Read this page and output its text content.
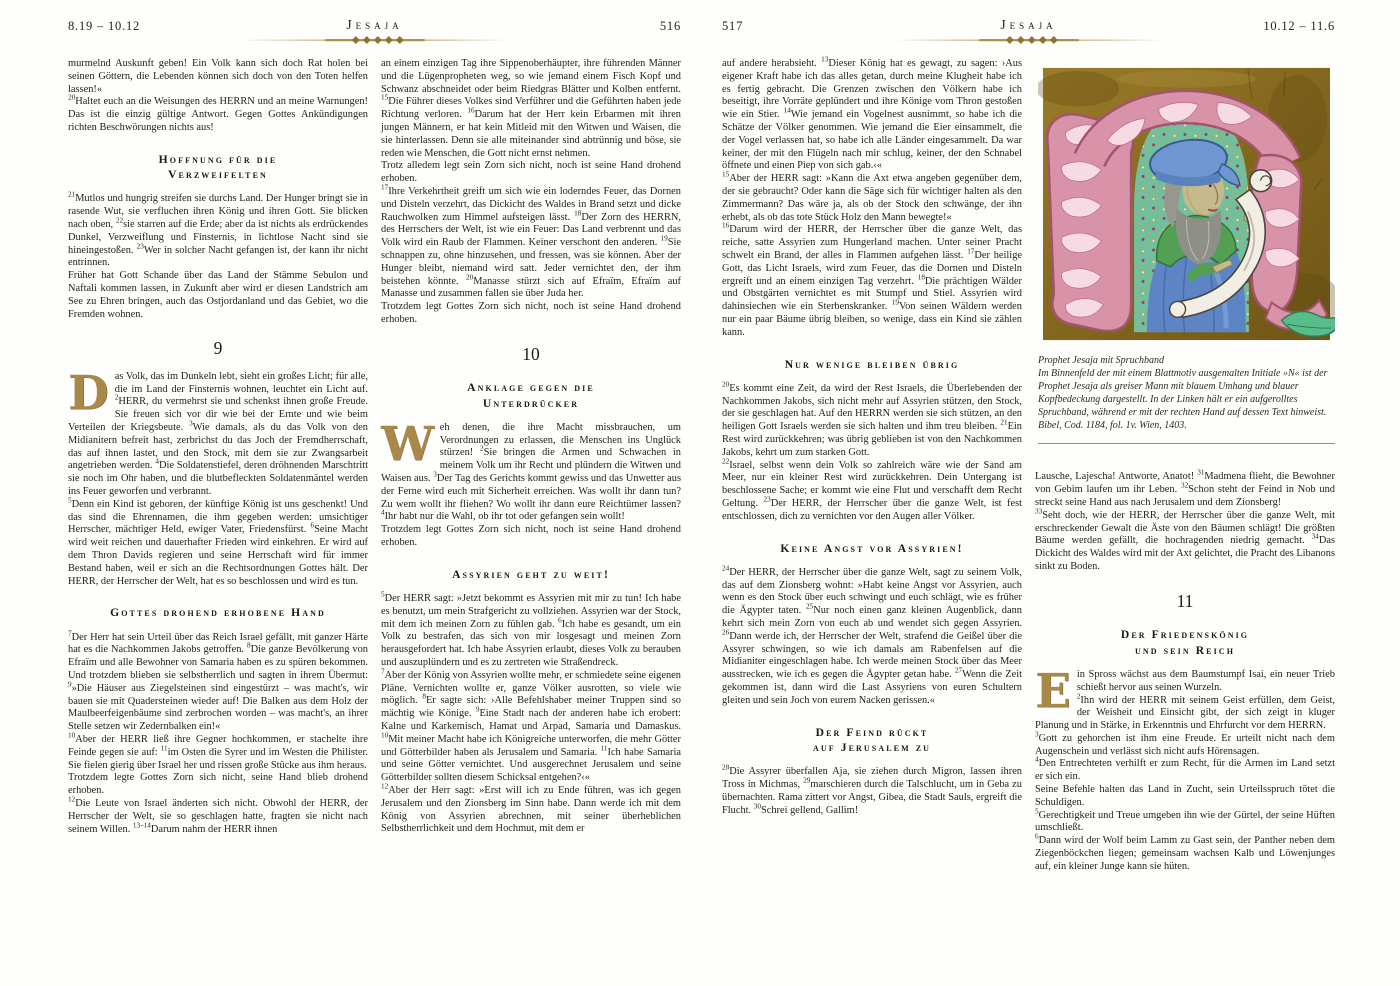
8.19 – 10.12	Jesaja	516

murmelnd Auskunft geben! Ein Volk kann sich doch Rat holen bei seinen Göttern, die Lebenden können sich doch von den Toten helfen lassen!«

$^{20}$Haltet euch an die Weisungen des HERRN und an meine Warnungen! Das ist die einzig gültige Antwort. Gegen Gottes Ankündigungen richten Beschwörungen nichts aus!

Hoffnung für die
Verzweifelten

$^{21}$Mutlos und hungrig streifen sie durchs Land. Der Hunger bringt sie in rasende Wut, sie verfluchen ihren König und ihren Gott. Sie blicken nach oben, $^{22}$sie starren auf die Erde; aber da ist nichts als erdrückendes Dunkel, Verzweiflung und Finsternis, in lichtlose Nacht sind sie hineingestoßen. $^{23}$Wer in solcher Nacht gefangen ist, der kann ihr nicht entrinnen.

Früher hat Gott Schande über das Land der Stämme Sebulon und Naftali kommen lassen, in Zukunft aber wird er diesen Landstrich am See zu Ehren bringen, auch das Ostjordanland und das Gebiet, wo die Fremden wohnen.

9
D as Volk, das im Dunkeln lebt, sieht ein großes Licht; für alle, die im Land der Finsternis wohnen, leuchtet ein Licht auf. $^2$HERR, du vermehrst sie und schenkst ihnen große Freude. Sie freuen sich vor dir wie bei der Ernte und wie beim Verteilen der Kriegsbeute. $^3$Wie damals, als du das Volk von den Midianitern befreit hast, zerbrichst du das Joch der Fremdherrschaft, das auf ihnen lastet, und den Stock, mit dem sie zur Zwangsarbeit angetrieben werden. $^4$Die Soldatenstiefel, deren dröhnenden Marschtritt sie noch im Ohr haben, und die blutbefleckten Soldatenmäntel werden ins Feuer geworfen und verbrannt.

$^5$Denn ein Kind ist geboren, der künftige König ist uns geschenkt! Und das sind die Ehrennamen, die ihm gegeben werden: umsichtiger Herrscher, mächtiger Held, ewiger Vater, Friedensfürst. $^6$Seine Macht wird weit reichen und dauerhafter Frieden wird einkehren. Er wird auf dem Thron Davids regieren und seine Herrschaft wird für immer Bestand haben, weil er sich an die Rechtsordnungen Gottes hält. Der HERR, der Herrscher der Welt, hat es so beschlossen und wird es tun.

Gottes drohend erhobene Hand

$^7$Der Herr hat sein Urteil über das Reich Israel gefällt, mit ganzer Härte hat es die Nachkommen Jakobs getroffen. $^8$Die ganze Bevölkerung von Efraïm und alle Bewohner von Samaria haben es zu spüren bekommen. Und trotzdem blieben sie selbstherrlich und sagten in ihrem Übermut: $^9$»Die Häuser aus Ziegelsteinen sind eingestürzt – was macht's, wir bauen sie mit Quadersteinen wieder auf! Die Balken aus dem Holz der Maulbeerfeigenbäume sind zerbrochen worden – was macht's, an ihrer Stelle setzen wir Zedernbalken ein!«

$^{10}$Aber der HERR ließ ihre Gegner hochkommen, er stachelte ihre Feinde gegen sie auf: $^{11}$im Osten die Syrer und im Westen die Philister. Sie fielen gierig über Israel her und rissen große Stücke aus ihm heraus.

Trotzdem legte Gottes Zorn sich nicht, seine Hand blieb drohend erhoben.

$^{12}$Die Leute von Israel änderten sich nicht. Obwohl der HERR, der Herrscher der Welt, sie so geschlagen hatte, fragten sie nicht nach seinem Willen. $^{13-14}$Darum nahm der HERR ihnen

an einem einzigen Tag ihre Sippenoberhäupter, ihre führenden Männer und die Lügenpropheten weg, so wie jemand einem Fisch Kopf und Schwanz abschneidet oder beim Riedgras Blätter und Kolben entfernt. $^{15}$Die Führer dieses Volkes sind Verführer und die Geführten haben jede Richtung verloren. $^{16}$Darum hat der Herr kein Erbarmen mit ihren jungen Männern, er hat kein Mitleid mit den Witwen und Waisen, die sie hinterlassen. Denn sie alle miteinander sind abtrünnig und böse, sie reden wie Menschen, die Gott nicht ernst nehmen.

Trotz alledem legt sein Zorn sich nicht, noch ist seine Hand drohend erhoben.

$^{17}$Ihre Verkehrtheit greift um sich wie ein loderndes Feuer, das Dornen und Disteln verzehrt, das Dickicht des Waldes in Brand setzt und dicke Rauchwolken zum Himmel aufsteigen lässt. $^{18}$Der Zorn des HERRN, des Herrschers der Welt, ist wie ein Feuer: Das Land verbrennt und das Volk wird ein Raub der Flammen. Keiner verschont den anderen. $^{19}$Sie schnappen zu, ohne hinzusehen, und fressen, was sie können. Aber der Hunger bleibt, niemand wird satt. Jeder vernichtet den, der ihm beistehen könnte. $^{20}$Manasse stürzt sich auf Efraïm, Efraïm auf Manasse und zusammen fallen sie über Juda her.

Trotzdem legt Gottes Zorn sich nicht, noch ist seine Hand drohend erhoben.

10
Anklage gegen die
Unterdrücker
W eh denen, die ihre Macht missbrauchen, um Verordnungen zu erlassen, die Menschen ins Unglück stürzen! $^2$Sie bringen die Armen und Schwachen in meinem Volk um ihr Recht und plündern die Witwen und Waisen aus. $^3$Der Tag des Gerichts kommt gewiss und das Unwetter aus der Ferne wird euch mit Sicherheit erreichen. Was wollt ihr dann tun? Zu wem wollt ihr fliehen? Wo wollt ihr dann eure Reichtümer lassen? $^4$Ihr habt nur die Wahl, ob ihr tot oder gefangen sein wollt!

Trotzdem legt Gottes Zorn sich nicht, noch ist seine Hand drohend erhoben.

Assyrien geht zu weit!

$^5$Der HERR sagt: »Jetzt bekommt es Assyrien mit mir zu tun! Ich habe es benutzt, um mein Strafgericht zu vollziehen. Assyrien war der Stock, mit dem ich meinen Zorn zu fühlen gab. $^6$Ich habe es gesandt, um ein Volk zu bestrafen, das sich von mir losgesagt und meinen Zorn herausgefordert hat. Ich habe Assyrien erlaubt, dieses Volk zu berauben und auszuplündern und es zu zertreten wie Straßendreck.

$^7$Aber der König von Assyrien wollte mehr, er schmiedete seine eigenen Pläne. Vernichten wollte er, ganze Völker ausrotten, so viele wie möglich. $^8$Er sagte sich: ›Alle Befehlshaber meiner Truppen sind so mächtig wie Könige. $^9$Eine Stadt nach der anderen habe ich erobert: Kalne und Karkemisch, Hamat und Arpad, Samaria und Damaskus. $^{10}$Mit meiner Macht habe ich Königreiche unterworfen, die mehr Götter und Götterbilder haben als Jerusalem und Samaria. $^{11}$Ich habe Samaria und seine Götter vernichtet. Und ausgerechnet Jerusalem und seine Götterbilder sollten diesem Schicksal entgehen?‹«

$^{12}$Aber der Herr sagt: »Erst will ich zu Ende führen, was ich gegen Jerusalem und den Zionsberg im Sinn habe. Dann werde ich mit dem König von Assyrien abrechnen, mit seiner überheblichen Selbstherrlichkeit und dem Hochmut, mit dem er

517	Jesaja	10.12 – 11.6

auf andere herabsieht. $^{13}$Dieser König hat es gewagt, zu sagen: ›Aus eigener Kraft habe ich das alles getan, durch meine Klugheit habe ich es fertig gebracht. Die Grenzen zwischen den Völkern habe ich beseitigt, ihre Vorräte geplündert und ihre Könige vom Thron gestoßen wie ein Stier. $^{14}$Wie jemand ein Vogelnest ausnimmt, so habe ich die Schätze der Völker genommen. Wie jemand die Eier einsammelt, die der Vogel verlassen hat, so habe ich alle Länder eingesammelt. Da war keiner, der mit den Flügeln nach mir schlug, keiner, der den Schnabel öffnete und einen Piep von sich gab.‹«

$^{15}$Aber der HERR sagt: »Kann die Axt etwa angeben gegenüber dem, der sie gebraucht? Oder kann die Säge sich für wichtiger halten als den Zimmermann? Das wäre ja, als ob der Stock den schwänge, der ihn erhebt, als ob das tote Stück Holz den Mann bewegte!«

$^{16}$Darum wird der HERR, der Herrscher über die ganze Welt, das reiche, satte Assyrien zum Hungerland machen. Unter seiner Pracht schwelt ein Brand, der alles in Flammen aufgehen lässt. $^{17}$Der heilige Gott, das Licht Israels, wird zum Feuer, das die Dornen und Disteln ergreift und an einem einzigen Tag verzehrt. $^{18}$Die prächtigen Wälder und Obstgärten vernichtet es mit Stumpf und Stiel. Assyrien wird dahinsiechen wie ein Sterbenskranker. $^{19}$Von seinen Wäldern werden nur ein paar Bäume übrig bleiben, so wenige, dass ein Kind sie zählen kann.

Nur wenige bleiben übrig

$^{20}$Es kommt eine Zeit, da wird der Rest Israels, die Überlebenden der Nachkommen Jakobs, sich nicht mehr auf Assyrien stützen, den Stock, der sie geschlagen hat. Auf den HERRN werden sie sich stützen, an den heiligen Gott Israels werden sie sich halten und ihm treu bleiben. $^{21}$Ein Rest wird zurückkehren; was übrig geblieben ist von den Nachkommen Jakobs, kehrt um zum starken Gott.

$^{22}$Israel, selbst wenn dein Volk so zahlreich wäre wie der Sand am Meer, nur ein kleiner Rest wird zurückkehren. Dein Untergang ist beschlossene Sache; er kommt wie eine Flut und verschafft dem Recht Geltung. $^{23}$Der HERR, der Herrscher über die ganze Welt, ist fest entschlossen, dich zu vernichten vor den Augen aller Völker.

Keine Angst vor Assyrien!

$^{24}$Der HERR, der Herrscher über die ganze Welt, sagt zu seinem Volk, das auf dem Zionsberg wohnt: »Habt keine Angst vor Assyrien, auch wenn es den Stock über euch schwingt und euch schlägt, wie es früher die Ägypter taten. $^{25}$Nur noch einen ganz kleinen Augenblick, dann kehrt sich mein Zorn von euch ab und wendet sich gegen Assyrien. $^{26}$Dann werde ich, der Herrscher der Welt, strafend die Geißel über die Assyrer schwingen, so wie ich damals am Rabenfelsen auf die Midianiter eingeschlagen habe. Ich werde meinen Stock über das Meer ausstrecken, wie ich es gegen die Ägypter getan habe. $^{27}$Wenn die Zeit gekommen ist, dann wird die Last Assyriens von euren Schultern gleiten und sein Joch von eurem Nacken gerissen.«

Der Feind rückt
auf Jerusalem zu

$^{28}$Die Assyrer überfallen Aja, sie ziehen durch Migron, lassen ihren Tross in Michmas, $^{29}$marschieren durch die Talschlucht, um in Geba zu übernachten. Rama zittert vor Angst, Gibea, die Stadt Sauls, ergreift die Flucht. $^{30}$Schrei gellend, Gallim!

Prophet Jesaja mit Spruchband
Im Binnenfeld der mit einem Blattmotiv ausgemalten Initiale »N« ist der Prophet Jesaja als greiser Mann mit blauem Umhang und blauer Kopfbedeckung dargestellt. In der Linken hält er ein aufgerolltes Spruchband, während er mit der rechten Hand auf dessen Text hinweist. Bibel, Cod. 1184, fol. 1v. Wien, 1403.

Lausche, Lajescha! Antworte, Anatot! $^{31}$Madmena flieht, die Bewohner von Gebim laufen um ihr Leben. $^{32}$Schon steht der Feind in Nob und streckt seine Hand aus nach Jerusalem und dem Zionsberg!

$^{33}$Seht doch, wie der HERR, der Herrscher über die ganze Welt, mit erschreckender Gewalt die Äste von den Bäumen schlägt! Die größten Bäume werden gefällt, die hochragenden niedrig gemacht. $^{34}$Das Dickicht des Waldes wird mit der Axt gelichtet, die Pracht des Libanons sinkt zu Boden.

11
Der Friedenskönig
und sein Reich
E in Spross wächst aus dem Baumstumpf Isai, ein neuer Trieb schießt hervor aus seinen Wurzeln.

$^2$Ihn wird der HERR mit seinem Geist erfüllen, dem Geist, der Weisheit und Einsicht gibt, der sich zeigt in kluger Planung und in Stärke, in Erkenntnis und Ehrfurcht vor dem HERRN.

$^3$Gott zu gehorchen ist ihm eine Freude. Er urteilt nicht nach dem Augenschein und verlässt sich nicht aufs Hörensagen.

$^4$Den Entrechteten verhilft er zum Recht, für die Armen im Land setzt er sich ein.

Seine Befehle halten das Land in Zucht, sein Urteilsspruch tötet die Schuldigen.

$^5$Gerechtigkeit und Treue umgeben ihn wie der Gürtel, der seine Hüften umschließt.

$^6$Dann wird der Wolf beim Lamm zu Gast sein, der Panther neben dem Ziegenböckchen liegen; gemeinsam wachsen Kalb und Löwenjunges auf, ein kleiner Junge kann sie hüten.
